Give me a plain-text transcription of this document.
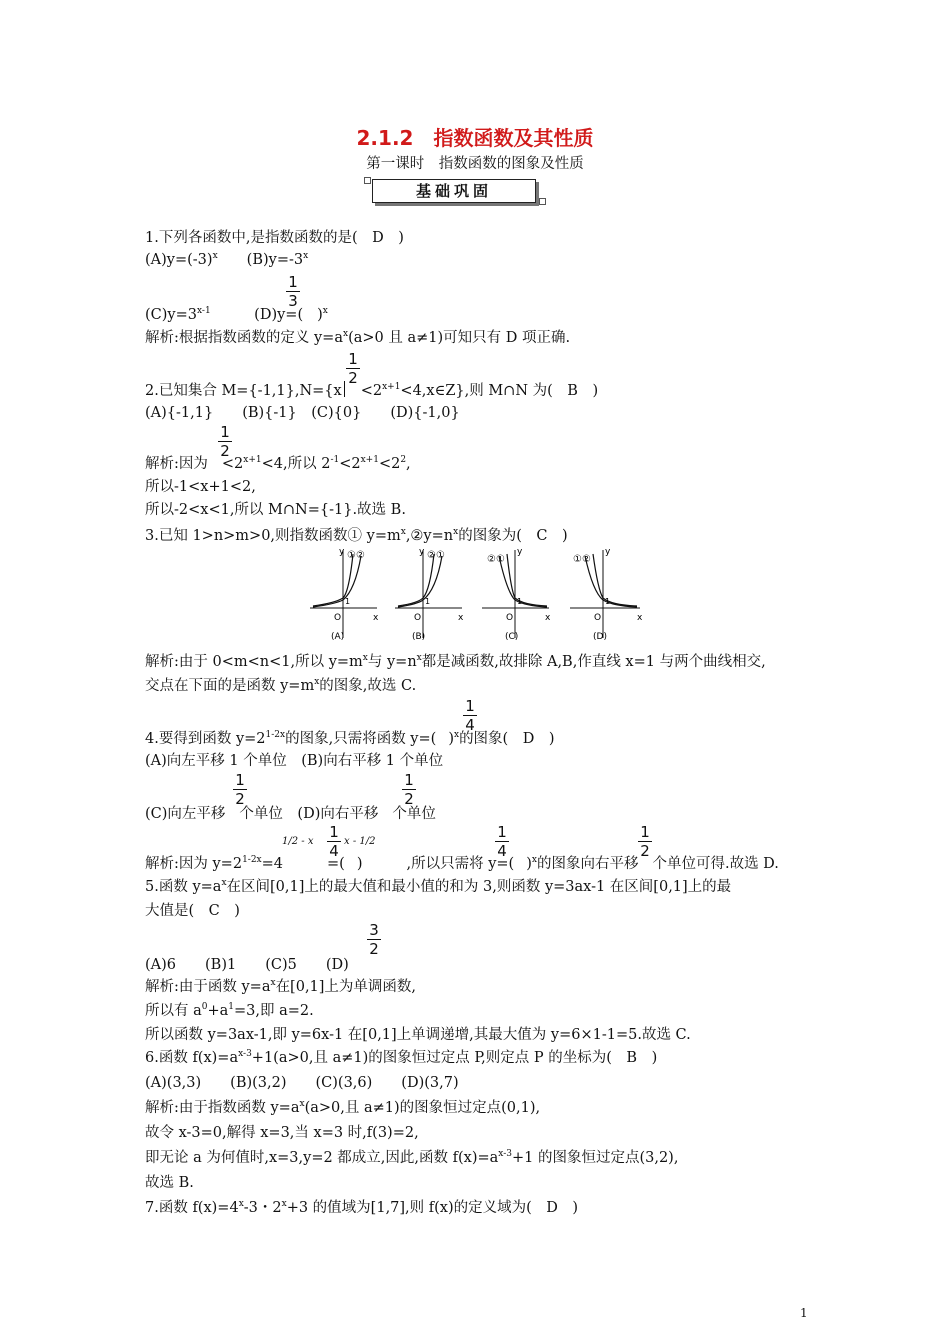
2.1.2　指数函数及其性质
第一课时　指数函数的图象及性质
基础巩固
1.下列各函数中,是指数函数的是(　D　)
$(A)y=(-3)^x$　　 $(B)y=-3^x$
$(C)y=3^{x-1}$　　　	(D)y=( )$^x$
1
3
解析:根据指数函数的定义 $y=a^x(a>0$ 且 a≠1)可知只有 D 项正确.
2.已知集合 $M=\{-1,1\},N=\{x <2^{x+1}<4,x\in Z\}$,则 M∩N 为(　B　)
1
2
(A){-1,1}　　(B){-1}　(C){0}　　(D){-1,0}
解析:因为 $<2^{x+1}<4$,所以 $2^{-1}<2^{x+1}<2^2$,
1
2
所以-1<x+1<2,
所以-2<x<1,所以 M∩N={-1}.故选 B.
3.已知 1>n>m>0,则指数函数① $y=m^x,②y=n^x$的图象为(　C　)
y ①②
x
O
1
(A)
y ②①
x
O
1
(B)
y
②①
x
O
1
(C)
y
①②
x
O
1
(D)
解析:由于 0<m<n<1,所以 $y=m^x$与 $y=n^x$都是减函数,故排除 A,B,作直线 x=1 与两个曲线相交,
交点在下面的是函数 $y=m^x$的图象,故选 C.
4.要得到函数 $y=2^{1-2x}$的图象,只需将函数 y=( )$^x$的图象(　D　)
1
4
(A)向左平移 1 个单位　(B)向右平移 1 个单位
(C)向左平移 个单位　(D)向右平移 个单位
1
2
1
2
解析:因为 $y=2^{1-2x}=4$	=( )	,所以只需将 y=( )$^x$的图象向右平移 个单位可得.故选 D.
1/2 - x
1
4
x - 1/2
1
4
1
2
5.函数 $y=a^x$在区间[0,1]上的最大值和最小值的和为 3,则函数 y=3ax-1 在区间[0,1]上的最
大值是(　C　)
(A)6　　(B)1　　(C)5　　(D)
3
2
解析:由于函数 $y=a^x$在[0,1]上为单调函数,
所以有 $a^0+a^1=3$,即 a=2.
所以函数 y=3ax-1,即 y=6x-1 在[0,1]上单调递增,其最大值为 y=6×1-1=5.故选 C.
6.函数 $f(x)=a^{x-3}+1(a>0$,且 a≠1)的图象恒过定点 P,则定点 P 的坐标为(　B　)
(A)(3,3)　　(B)(3,2)　　(C)(3,6)　　(D)(3,7)
解析:由于指数函数 $y=a^x(a>0$,且 a≠1)的图象恒过定点(0,1),
故令 x-3=0,解得 x=3,当 x=3 时,f(3)=2,
即无论 a 为何值时,x=3,y=2 都成立,因此,函数 $f(x)=a^{x-3}+1$ 的图象恒过定点(3,2),
故选 B.
7.函数 $f(x)=4^x-3$・$2^x+3$ 的值域为[1,7],则 f(x)的定义域为(　D　)
1
